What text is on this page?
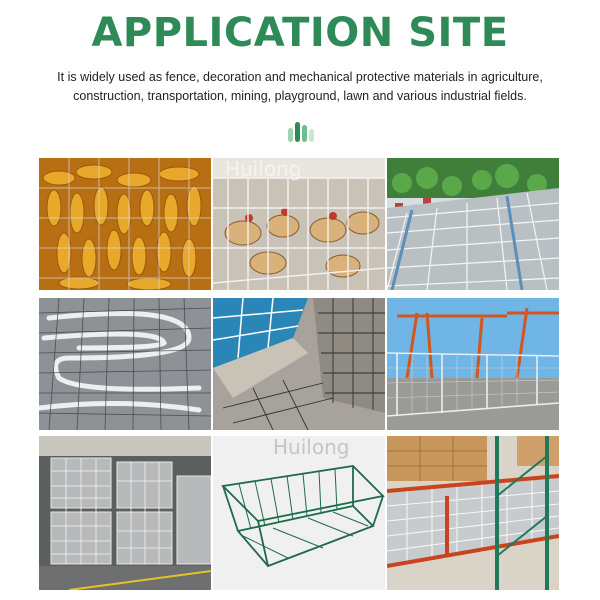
APPLICATION SITE
It is widely used as fence, decoration and mechanical protective materials in agriculture, construction, transportation, mining, playground, lawn and various industrial fields.
Huilong
Huilong
